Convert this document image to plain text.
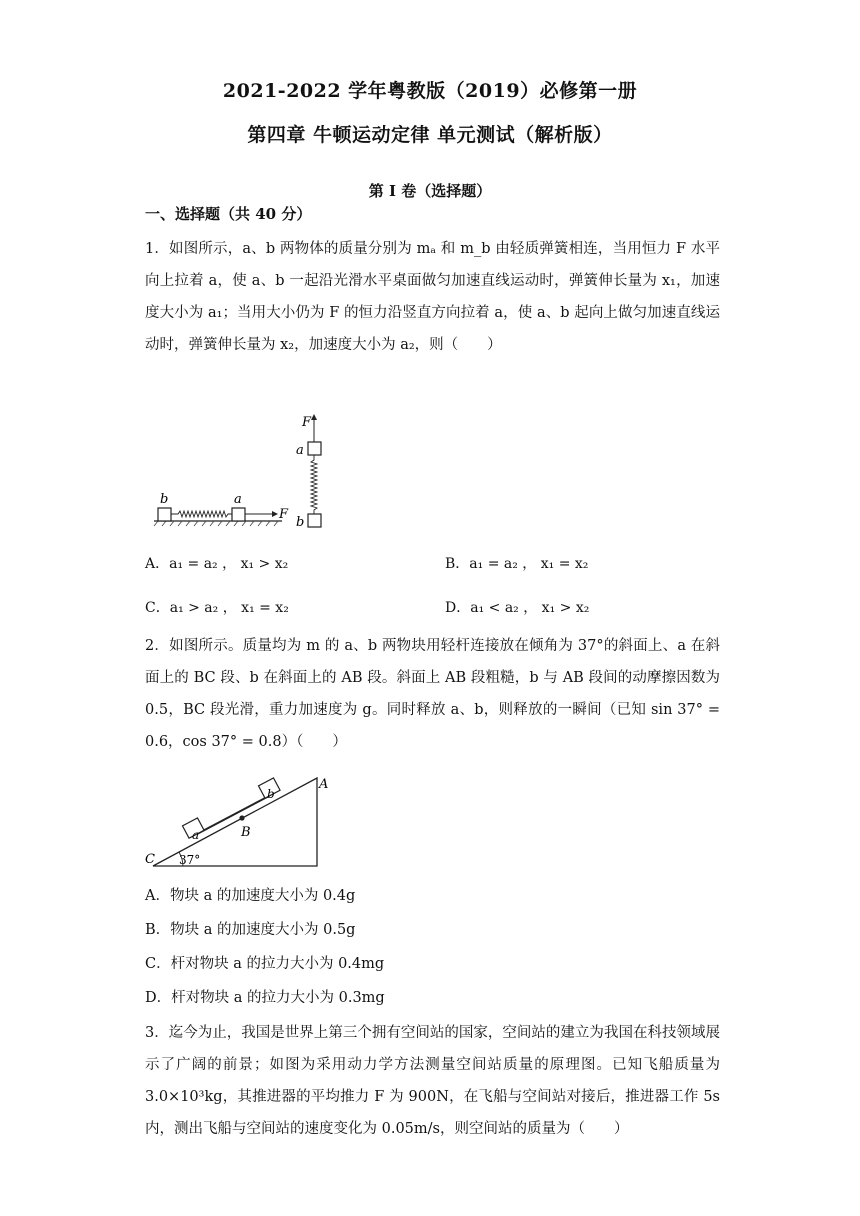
2021-2022 学年粤教版（2019）必修第一册
第四章 牛顿运动定律 单元测试（解析版）
第 I 卷（选择题）
一、选择题（共 40 分）
1．如图所示，a、b 两物体的质量分别为 mₐ 和 m_b 由轻质弹簧相连，当用恒力 F 水平向上拉着 a，使 a、b 一起沿光滑水平桌面做匀加速直线运动时，弹簧伸长量为 x₁，加速度大小为 a₁；当用大小仍为 F 的恒力沿竖直方向拉着 a，使 a、b 起向上做匀加速直线运动时，弹簧伸长量为 x₂，加速度大小为 a₂，则（　　）
b	a
F
F
a
b
A．a₁ = a₂ ， x₁ > x₂	B．a₁ = a₂ ， x₁ = x₂
C．a₁ > a₂ ， x₁ = x₂	D．a₁ < a₂ ， x₁ > x₂
2．如图所示。质量均为 m 的 a、b 两物块用轻杆连接放在倾角为 37°的斜面上、a 在斜面上的 BC 段、b 在斜面上的 AB 段。斜面上 AB 段粗糙，b 与 AB 段间的动摩擦因数为 0.5，BC 段光滑，重力加速度为 g。同时释放 a、b，则释放的一瞬间（已知 sin 37° = 0.6，cos 37° = 0.8）（　　）
37°
C
A
a
b
B
A．物块 a 的加速度大小为 0.4g
B．物块 a 的加速度大小为 0.5g
C．杆对物块 a 的拉力大小为 0.4mg
D．杆对物块 a 的拉力大小为 0.3mg
3．迄今为止，我国是世界上第三个拥有空间站的国家，空间站的建立为我国在科技领域展示了广阔的前景；如图为采用动力学方法测量空间站质量的原理图。已知飞船质量为 3.0×10³kg，其推进器的平均推力 F 为 900N，在飞船与空间站对接后，推进器工作 5s 内，测出飞船与空间站的速度变化为 0.05m/s，则空间站的质量为（　　）
